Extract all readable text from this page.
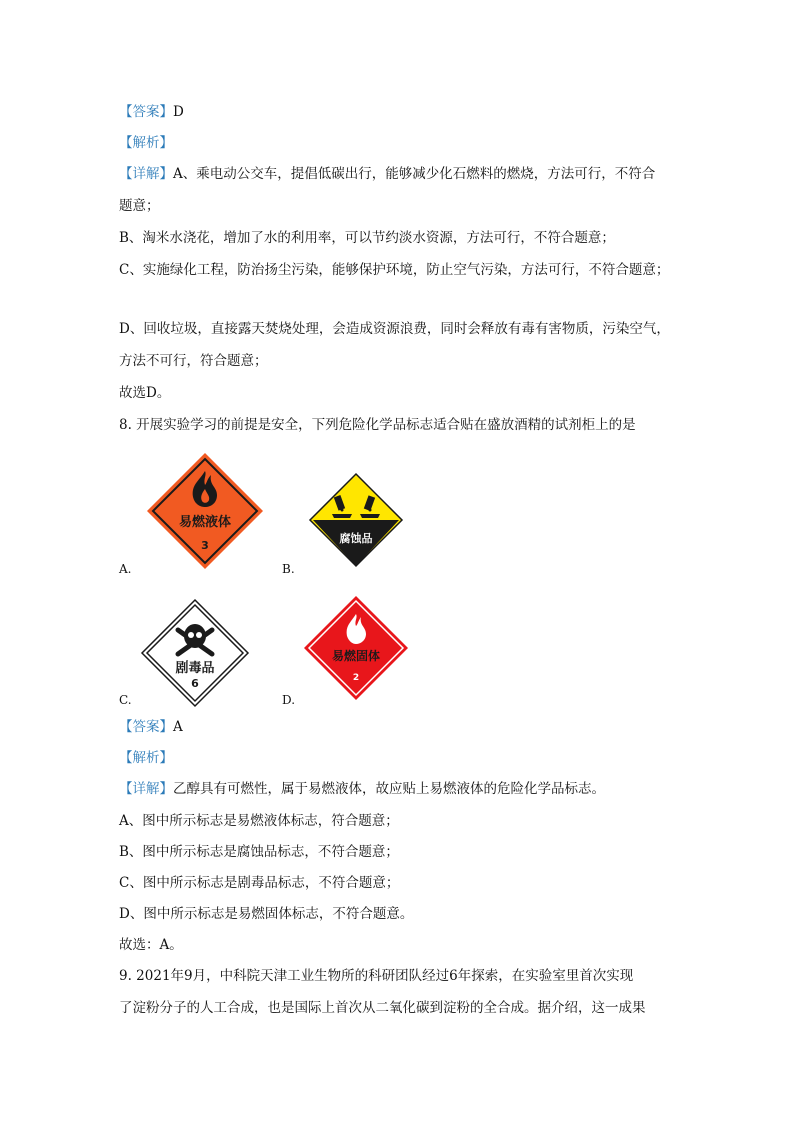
【答案】D
【解析】
【详解】A、乘电动公交车，提倡低碳出行，能够减少化石燃料的燃烧，方法可行，不符合
题意；
B、淘米水浇花，增加了水的利用率，可以节约淡水资源，方法可行，不符合题意；
C、实施绿化工程，防治扬尘污染，能够保护环境，防止空气污染，方法可行，不符合题意；
D、回收垃圾，直接露天焚烧处理，会造成资源浪费，同时会释放有毒有害物质，污染空气，
方法不可行，符合题意；
故选D。
8. 开展实验学习的前提是安全，下列危险化学品标志适合贴在盛放酒精的试剂柜上的是
易燃液体
3
A.
腐蚀品
B.
剧毒品
6
C.
易燃固体
2
D.
【答案】A
【解析】
【详解】乙醇具有可燃性，属于易燃液体，故应贴上易燃液体的危险化学品标志。
A、图中所示标志是易燃液体标志，符合题意；
B、图中所示标志是腐蚀品标志，不符合题意；
C、图中所示标志是剧毒品标志，不符合题意；
D、图中所示标志是易燃固体标志，不符合题意。
故选：A。
9. 2021年9月，中科院天津工业生物所的科研团队经过6年探索，在实验室里首次实现
了淀粉分子的人工合成，也是国际上首次从二氧化碳到淀粉的全合成。据介绍，这一成果
